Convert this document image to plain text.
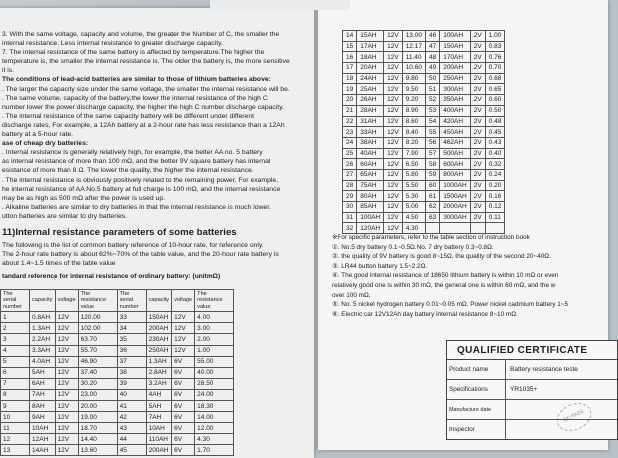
3. With the same voltage, capacity and volume, the greater the Number of C, the smaller the

internal resistance. Less internal resistance to greater discharge capacity.

7. The internal resistance of the same battery is affected by temperature.The higher the

temperature is, the smaller the internal resistance is. The older the battery is, the more sensitive

it is.

The conditions of lead-acid batteries are similar to those of lithium batteries above:

. The larger the capacity size under the same voltage, the smaller the internal resistance will be.

. The same volume, capacity of the battery,the lower the internal resistance of the high C

number lower the power discharge capacity, the higher the high C number discharge capacity.

. The internal resistance of the same capacity battery will be different under different

discharge rates, For example, a 12Ah battery at a 2-hour rate has less resistance than a 12Ah

battery at a 5-hour rate.

ase of cheap dry batteries:

. Internal resistance is generally relatively high, for example, the better AA no. 5 battery

as internal resistance of more than 100 mΩ, and the better 9V square battery has internal

esistance of more than 8 Ω. The lower the quality, the higher the internal resistance.

. The internal resistance is obviously positively related to the remaining power. For example,

he internal resistance of AA No.5 battery at full charge is 100 mΩ, and the internal resistance

may be as high as 500 mΩ after the power is used up.

. Alkaline batteries are similar to dry batteries in that the internal resistance is much lower.

utton batteries are similar to dry batteries.

11)Internal resistance parameters of some batteries

The following is the list of common battery reference of 10-hour rate, for reference only.

The 2-hour rate battery is about 62%~70% of the table value, and the 20-hour rate battery is

about 1.4~1.5 times of the table value

tandard reference for internal resistance of ordinary battery: (unitmΩ)
The serial number	capacity	voltage	The resistance value	The serial number	capacity	voltage	The resistance value
1	0.8AH	12V	120.00	33	150AH	12V	4.00
2	1.3AH	12V	102.00	34	200AH	12V	3.00
3	2.2AH	12V	63.70	35	230AH	12V	2.00
4	3.3AH	12V	55.70	36	250AH	12V	1.00
5	4.0AH	12V	46.90	37	1.3AH	6V	55.00
6	5AH	12V	37.40	38	2.8AH	6V	40.00
7	6AH	12V	30.20	39	3.2AH	6V	28.50
8	7AH	12V	23.00	40	4AH	6V	24.00
9	8AH	12V	20.00	41	5AH	6V	18.30
10	9AH	12V	19.00	42	7AH	6V	14.00
11	10AH	12V	18.70	43	10AH	6V	12.00
12	12AH	12V	14.40	44	110AH	6V	4.30
13	14AH	12V	13.60	45	200AH	6V	1.70
14	15AH	12V	13.00	46	100AH	2V	1.00
15	17AH	12V	12.17	47	150AH	2V	0.83
16	18AH	12V	11.40	48	170AH	2V	0.76
17	20AH	12V	10.60	49	200AH	2V	0.70
18	24AH	12V	9.80	50	250AH	2V	0.68
19	25AH	12V	9.50	51	300AH	2V	0.65
20	26AH	12V	9.20	52	350AH	2V	0.60
21	28AH	12V	8.90	53	400AH	2V	0.50
22	31AH	12V	8.60	54	420AH	2V	0.48
23	33AH	12V	8.40	55	450AH	2V	0.45
24	38AH	12V	8.20	56	462AH	2V	0.43
25	40AH	12V	7.90	57	500AH	2V	0.40
26	60AH	12V	6.50	58	600AH	2V	0.32
27	65AH	12V	5.80	59	800AH	2V	0.24
28	75AH	12V	5.50	60	1000AH	2V	0.20
29	80AH	12V	5.30	61	1500AH	2V	0.16
30	85AH	12V	5.00	62	2000AH	2V	0.12
31	100AH	12V	4.50	63	3000AH	2V	0.11
32	120AH	12V	4.30				

※For specific parameters, refer to the table section of instruction book

①. No.5 dry battery 0.1~0.5Ω.No. 7 dry battery 0.3~0.8Ω.

②. the quality of 9V battery is good 8~15Ω, the quality of the second 20~40Ω.

③. LR44 button battery 1.5~2.2Ω.

④. The good internal resistance of 18650 lithium battery is within 10 mΩ or even

relatively good one is within 30 mΩ, the general one is within 60 mΩ, and the w

over 100 mΩ.

⑤. No. 5 nickel hydrogen battery 0.01~0.05 mΩ. Power nickel cadmium battery 1~5

⑥. Electric car 12V12Ah day battery internal resistance 8~10 mΩ.

QUALIFIED CERTIFICATE
Product name	Battery resistance teste
Specifications	YR1035+
Manufacture date
Inspector
QC PASS
